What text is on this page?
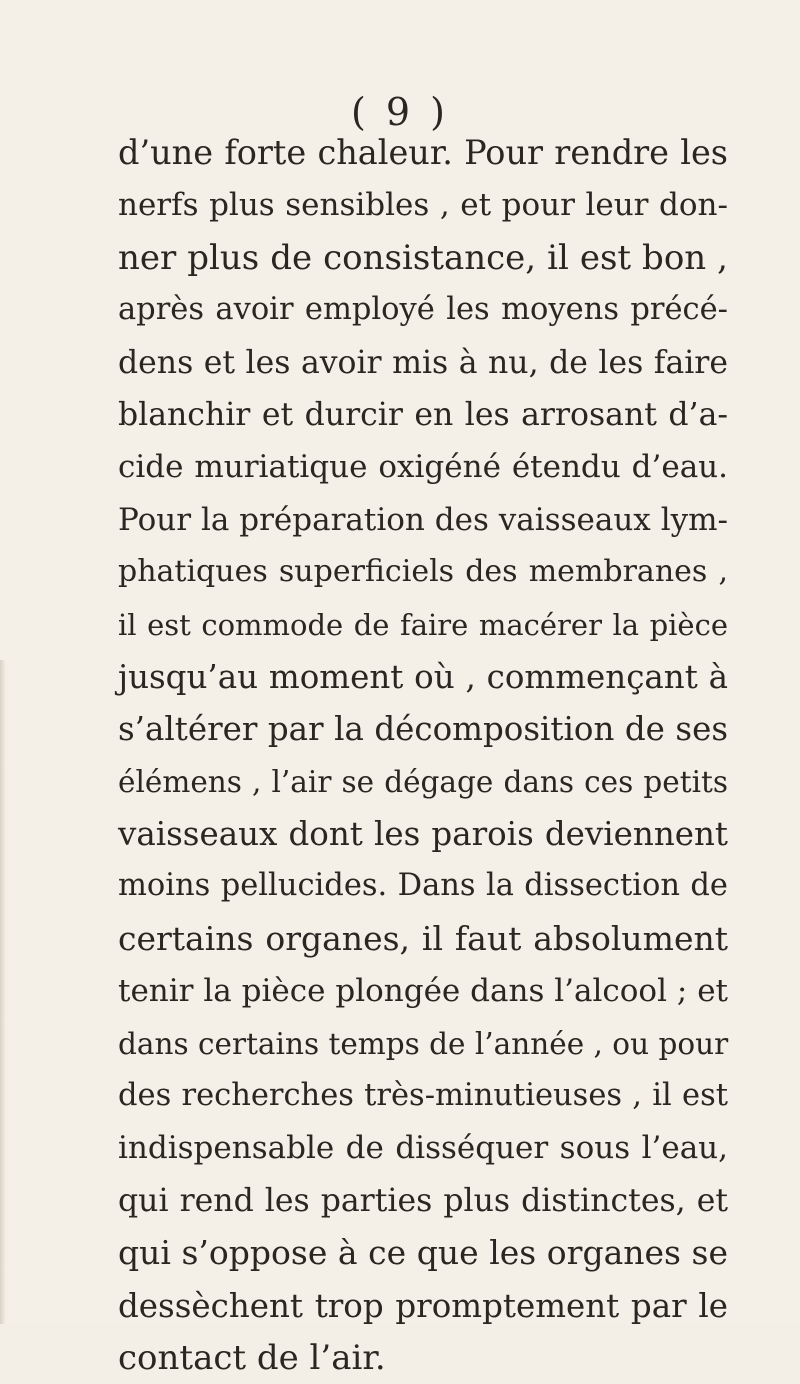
( 9 )
d’une forte chaleur. Pour rendre les
nerfs plus sensibles , et pour leur don-
ner plus de consistance, il est bon ,
après avoir employé les moyens précé-
dens et les avoir mis à nu, de les faire
blanchir et durcir en les arrosant d’a-
cide muriatique oxigéné étendu d’eau.
Pour la préparation des vaisseaux lym-
phatiques superficiels des membranes ,
il est commode de faire macérer la pièce
jusqu’au moment où , commençant à
s’altérer par la décomposition de ses
élémens , l’air se dégage dans ces petits
vaisseaux dont les parois deviennent
moins pellucides. Dans la dissection de
certains organes, il faut absolument
tenir la pièce plongée dans l’alcool ; et
dans certains temps de l’année , ou pour
des recherches très-minutieuses , il est
indispensable de disséquer sous l’eau,
qui rend les parties plus distinctes, et
qui s’oppose à ce que les organes se
dessèchent trop promptement par le
contact de l’air.
